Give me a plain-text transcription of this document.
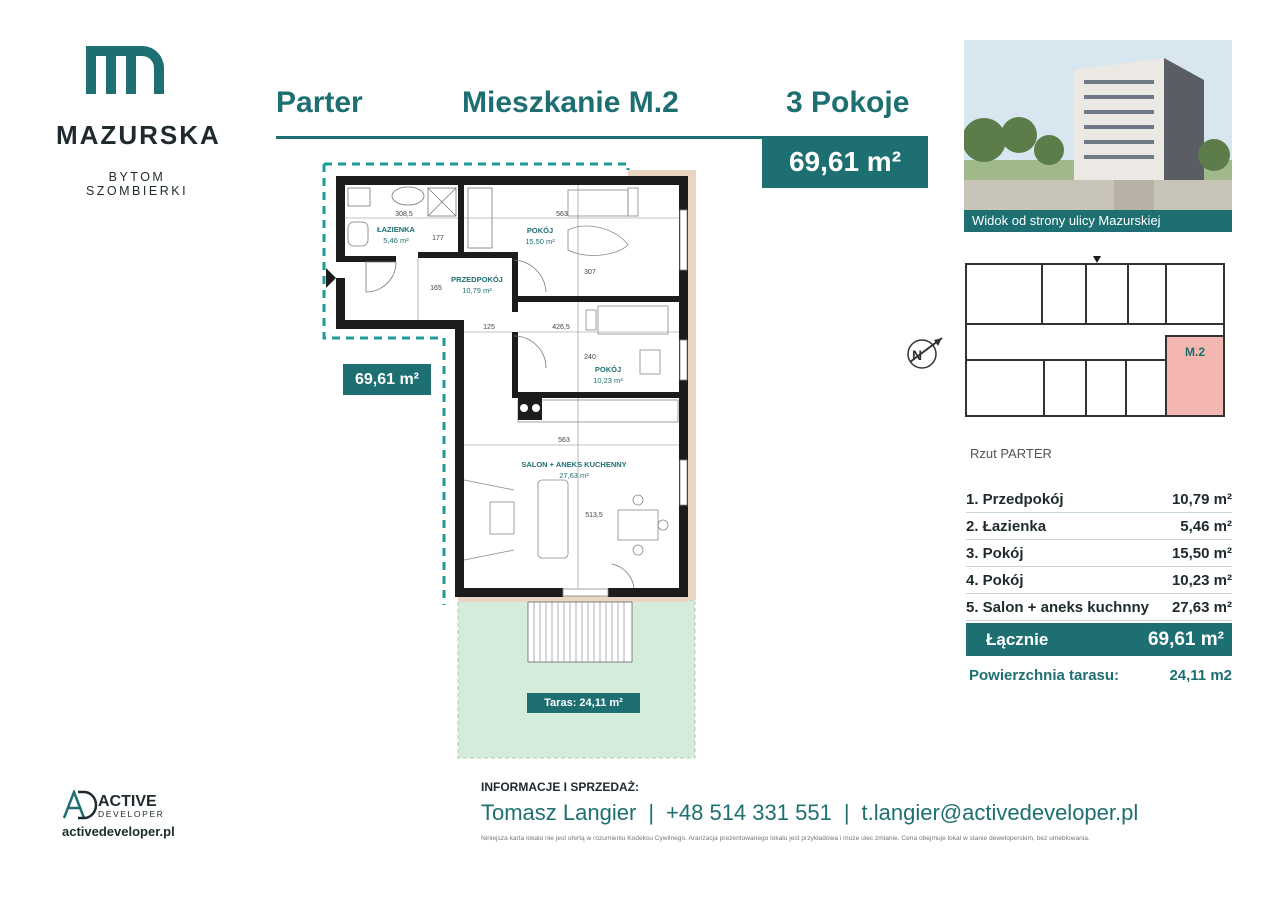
MAZURSKA
BYTOM SZOMBIERKI
Parter	Mieszkanie M.2	3 Pokoje
69,61 m²
ŁAZIENKA	POKÓJ
PRZEDPOKÓJ
POKÓJ
SALON + ANEKS KUCHENNY
5,46 m²	15,50 m²
10,79 m²
10,23 m²
27,63 m²
308,5
177
563
307
165
125	426,5
240
563
513,5
69,61 m²
Taras: 24,11 m²
Widok od strony ulicy Mazurskiej
N	M.2
Rzut PARTER
1. Przedpokój	10,79 m²
2. Łazienka	5,46 m²
3. Pokój	15,50 m²
4. Pokój	10,23 m²
5. Salon + aneks kuchnny 27,63 m²
Łącznie	69,61 m²
Powierzchnia tarasu:	24,11 m2
ACTIVE
DEVELOPER
activedeveloper.pl
INFORMACJE I SPRZEDAŻ:
Tomasz Langier | +48 514 331 551 | t.langier@activedeveloper.pl
Niniejsza karta lokalu nie jest ofertą w rozumieniu Kodeksu Cywilnego. Aranżacja prezentowanego lokalu jest przykładowa i może ulec zmianie. Cena obejmuje lokal w stanie deweloperskim, bez umeblowania.
